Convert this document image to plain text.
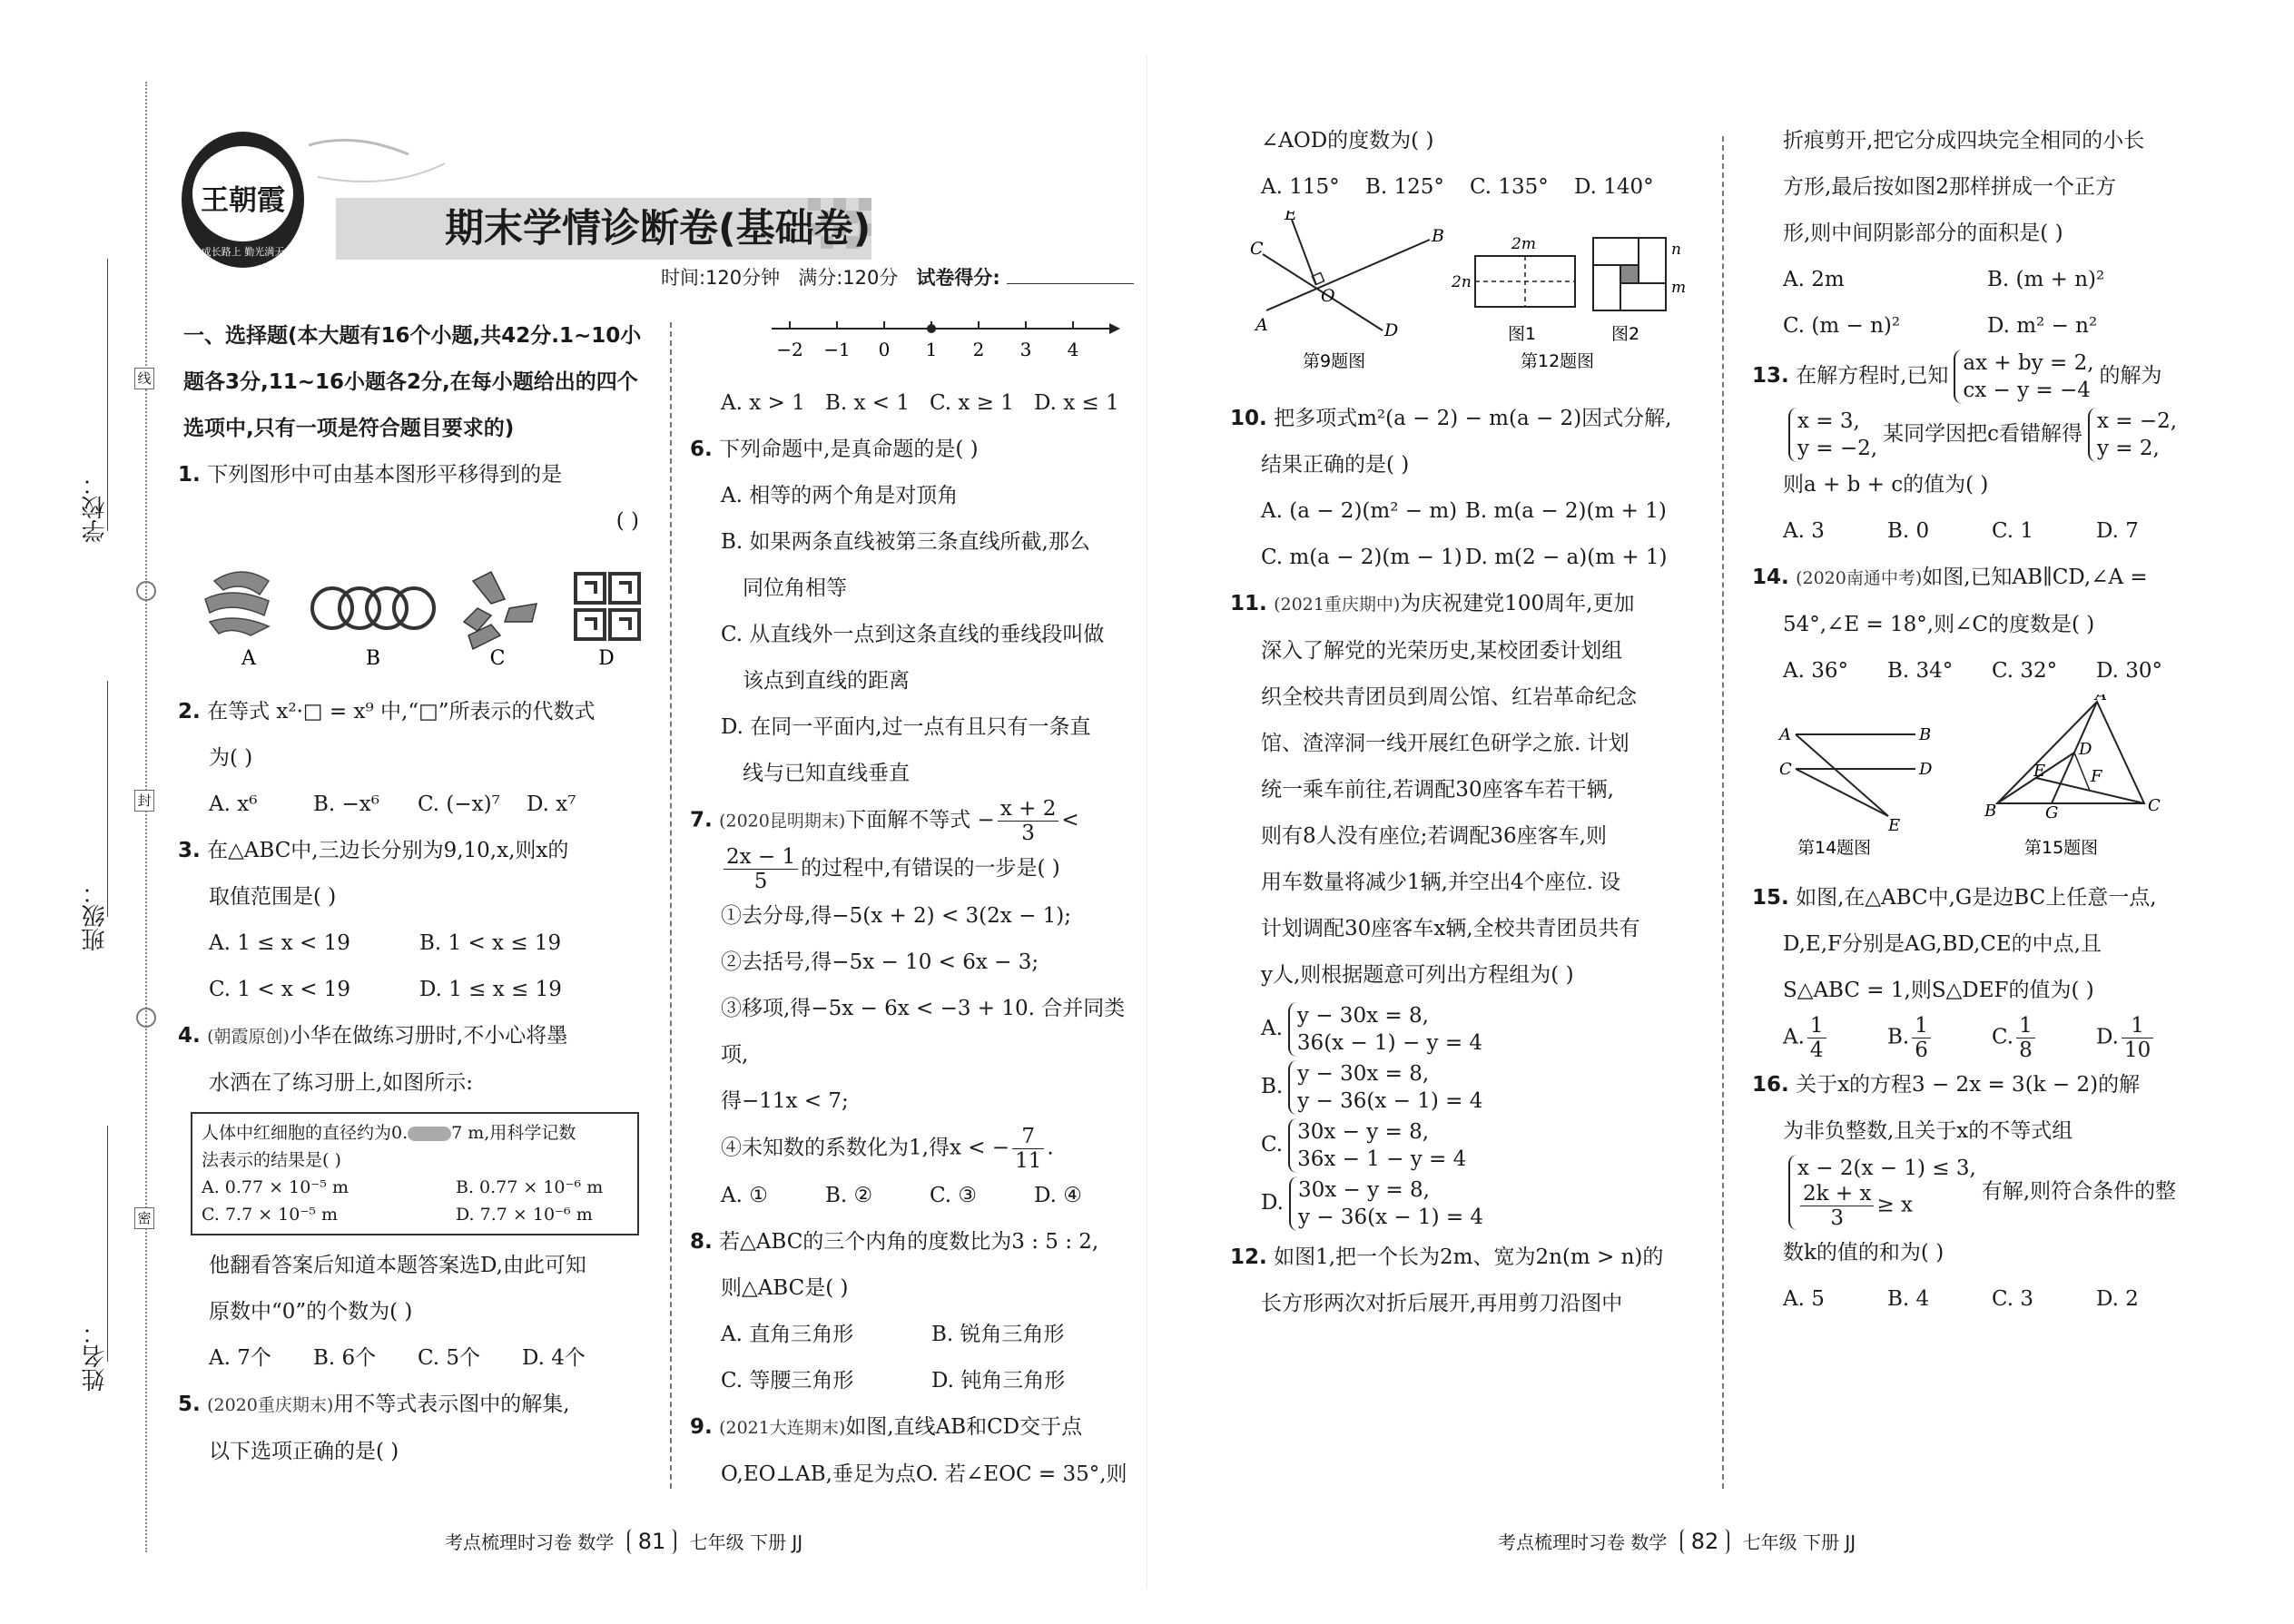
学校：
班级：
姓名：
线
封
密
王朝霞
成长路上 勤光满天
期末学情诊断卷(基础卷)
时间:120分钟 满分:120分 试卷得分:
一、选择题(本大题有16个小题,共42分.1~10小题各3分,11~16小题各2分,在每小题给出的四个选项中,只有一项是符合题目要求的)
1. 下列图形中可由基本图形平移得到的是
( )
A	B	C	D
2. 在等式 x²·□ = x⁹ 中,“□”所表示的代数式
为( )
A. x⁶	B. −x⁶ C. (−x)⁷ D. x⁷
3. 在△ABC中,三边长分别为9,10,x,则x的
取值范围是( )
A. 1 ≤ x < 19	B. 1 < x ≤ 19
C. 1 < x < 19	D. 1 ≤ x ≤ 19
4. (朝霞原创)小华在做练习册时,不小心将墨
水洒在了练习册上,如图所示:
人体中红细胞的直径约为0.	7 m,用科学记数
法表示的结果是( )
A. 0.77 × 10⁻⁵ m	B. 0.77 × 10⁻⁶ m
C. 7.7 × 10⁻⁵ m	D. 7.7 × 10⁻⁶ m
他翻看答案后知道本题答案选D,由此可知
原数中“0”的个数为( )
A. 7个 B. 6个 C. 5个 D. 4个
5. (2020重庆期末)用不等式表示图中的解集,
以下选项正确的是( )
−2 −1 0 1 2 3 4
A. x > 1 B. x < 1 C. x ≥ 1 D. x ≤ 1
6. 下列命题中,是真命题的是( )
A. 相等的两个角是对顶角
B. 如果两条直线被第三条直线所截,那么
同位角相等
C. 从直线外一点到这条直线的垂线段叫做
该点到直线的距离
D. 在同一平面内,过一点有且只有一条直
线与已知直线垂直
7. (2020昆明期末)下面解不等式 − $\frac{x + 2}{3}$ <
$\frac{2x - 1}{5}$ 的过程中,有错误的一步是( )
①去分母,得−5(x + 2) < 3(2x − 1);
②去括号,得−5x − 10 < 6x − 3;
③移项,得−5x − 6x < −3 + 10. 合并同类项,
得−11x < 7;
④未知数的系数化为1,得x < − $\frac{7}{11}$ .
A. ①	B. ②	C. ③	D. ④
8. 若△ABC的三个内角的度数比为3 : 5 : 2,
则△ABC是( )
A. 直角三角形	B. 锐角三角形
C. 等腰三角形	D. 钝角三角形
9. (2021大连期末)如图,直线AB和CD交于点
O,EO⊥AB,垂足为点O. 若∠EOC = 35°,则
∠AOD的度数为( )
A. 115° B. 125° C. 135° D. 140°
E
C
B
O
A	D
第9题图
2m
2n
n
m
图1	图2
第12题图
10. 把多项式m²(a − 2) − m(a − 2)因式分解,
结果正确的是( )
A. (a − 2)(m² − m) B. m(a − 2)(m + 1)
C. m(a − 2)(m − 1) D. m(2 − a)(m + 1)
11. (2021重庆期中)为庆祝建党100周年,更加
深入了解党的光荣历史,某校团委计划组
织全校共青团员到周公馆、红岩革命纪念
馆、渣滓洞一线开展红色研学之旅. 计划
统一乘车前往,若调配30座客车若干辆,
则有8人没有座位;若调配36座客车,则
用车数量将减少1辆,并空出4个座位. 设
计划调配30座客车x辆,全校共青团员共有
y人,则根据题意可列出方程组为( )
A.
y − 30x = 8,
36(x − 1) − y = 4
B.
y − 30x = 8,
y − 36(x − 1) = 4
C.
30x − y = 8,
36x − 1 − y = 4
D.
30x − y = 8,
y − 36(x − 1) = 4
12. 如图1,把一个长为2m、宽为2n(m > n)的
长方形两次对折后展开,再用剪刀沿图中
折痕剪开,把它分成四块完全相同的小长
方形,最后按如图2那样拼成一个正方
形,则中间阴影部分的面积是( )
A. 2m	B. (m + n)²
C. (m − n)²	D. m² − n²
13. 在解方程时,已知
ax + by = 2,
cx − y = −4
的解为
x = 3,
y = −2,
某同学因把c看错解得
x = −2,
y = 2,
则a + b + c的值为( )
A. 3	B. 0	C. 1	D. 7
14. (2020南通中考)如图,已知AB∥CD,∠A =
54°,∠E = 18°,则∠C的度数是( )
A. 36° B. 34° C. 32° D. 30°
A	B
C	D
E
第14题图
A
D
E	F
B	G	C
第15题图
15. 如图,在△ABC中,G是边BC上任意一点,
D,E,F分别是AG,BD,CE的中点,且
S△ABC = 1,则S△DEF的值为( )
A. $\frac{1}{4}$	B. $\frac{1}{6}$	C. $\frac{1}{8}$	D. $\frac{1}{10}$
16. 关于x的方程3 − 2x = 3(k − 2)的解
为非负整数,且关于x的不等式组
x − 2(x − 1) ≤ 3,
$\frac{2k + x}{3} \ge x$
有解,则符合条件的整
数k的值的和为( )
A. 5	B. 4	C. 3	D. 2
考点梳理时习卷 数学 81 七年级 下册 JJ	考点梳理时习卷 数学 82 七年级 下册 JJ
